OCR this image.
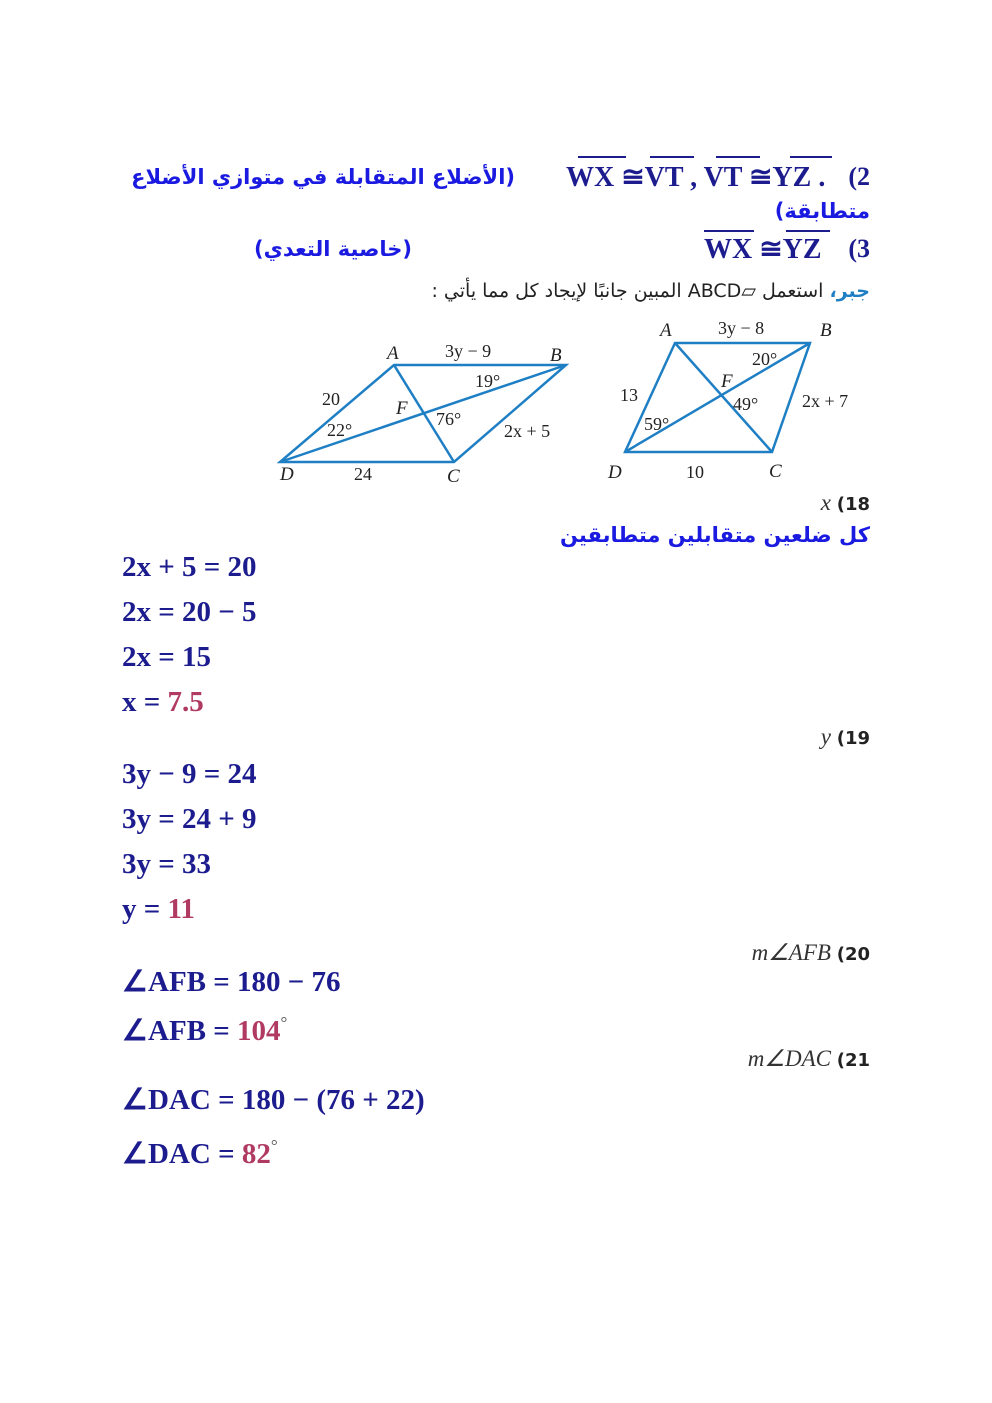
(2
WX ≅VT , VT ≅YZ .
(الأضلاع المتقابلة في متوازي الأضلاع
متطابقة)
(3
WX ≅YZ
(خاصية التعدي)
جبر، استعمل ▱ABCD المبين جانبًا لإيجاد كل مما يأتي :
A	B
C
D
F
3y − 9
19°
20
76°
22°	2x + 5
24
A	B
C
D
F
3y − 8
20°
13	49°
59°
2x + 7
10
x (18
كل ضلعين متقابلين متطابقين
2x + 5 = 20
2x = 20 − 5
2x = 15
x = 7.5
y (19
3y − 9 = 24
3y = 24 + 9
3y = 33
y = 11
m∠AFB (20
∠AFB = 180 − 76
∠AFB = 104°
m∠DAC (21
∠DAC = 180 − (76 + 22)
∠DAC = 82°
